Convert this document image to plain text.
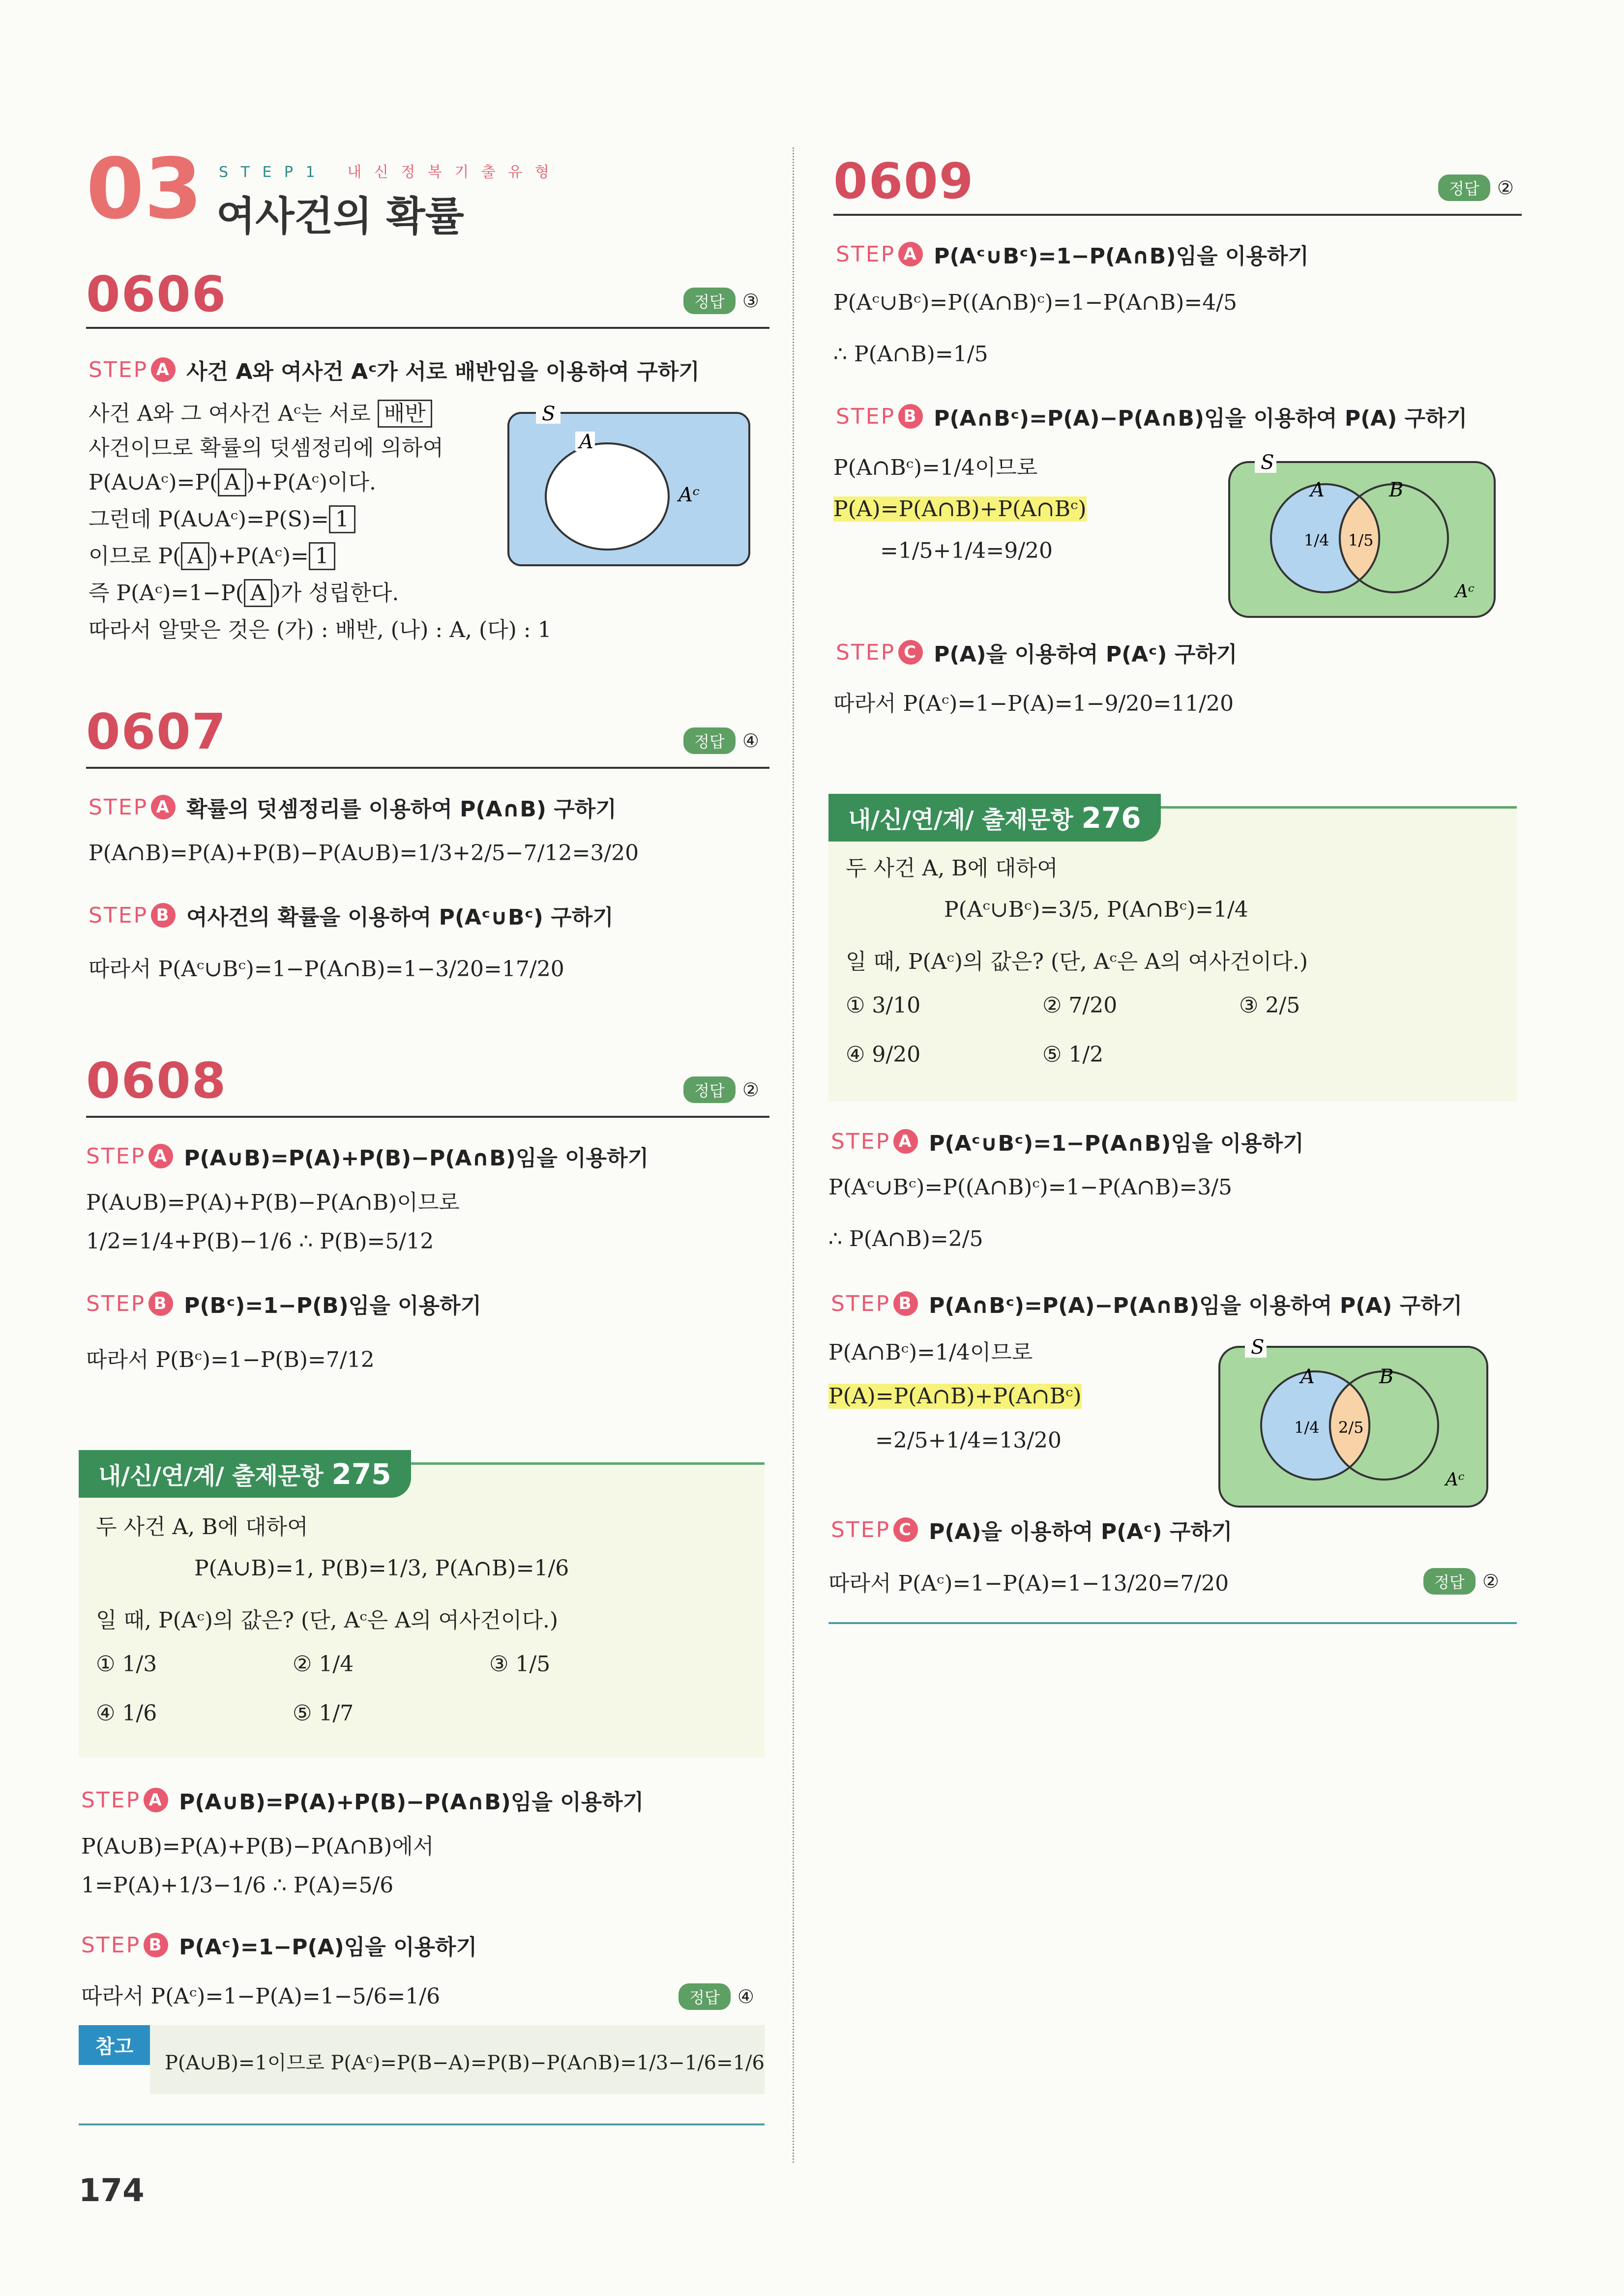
03 S T E P 1 내 신 정 복 기 출 유 형
여사건의 확률
0606	정답 ③
STEP A 사건 A와 여사건 Aᶜ가 서로 배반임을 이용하여 구하기
사건 A와 그 여사건 Aᶜ는 서로 배반
사건이므로 확률의 덧셈정리에 의하여
P(A∪Aᶜ)=P( A )+P(Aᶜ)이다.
그런데 P(A∪Aᶜ)=P(S)= 1
이므로 P( A )+P(Aᶜ)= 1
즉 P(Aᶜ)=1−P( A )가 성립한다.
따라서 알맞은 것은 (가) : 배반, (나) : A, (다) : 1
S
A
Aᶜ
0607	정답 ④
STEP A 확률의 덧셈정리를 이용하여 P(A∩B) 구하기
P(A∩B)=P(A)+P(B)−P(A∪B)=1/3+2/5−7/12=3/20
STEP B 여사건의 확률을 이용하여 P(Aᶜ∪Bᶜ) 구하기
따라서 P(Aᶜ∪Bᶜ)=1−P(A∩B)=1−3/20=17/20
0608	정답 ②
STEP A P(A∪B)=P(A)+P(B)−P(A∩B)임을 이용하기
P(A∪B)=P(A)+P(B)−P(A∩B)이므로
1/2=1/4+P(B)−1/6 ∴ P(B)=5/12
STEP B P(Bᶜ)=1−P(B)임을 이용하기
따라서 P(Bᶜ)=1−P(B)=7/12
내/신/연/계/ 출제문항 275
두 사건 A, B에 대하여
P(A∪B)=1, P(B)=1/3, P(A∩B)=1/6
일 때, P(Aᶜ)의 값은? (단, Aᶜ은 A의 여사건이다.)
① 1/3	② 1/4	③ 1/5
④ 1/6	⑤ 1/7
STEP A P(A∪B)=P(A)+P(B)−P(A∩B)임을 이용하기
P(A∪B)=P(A)+P(B)−P(A∩B)에서
1=P(A)+1/3−1/6 ∴ P(A)=5/6
STEP B P(Aᶜ)=1−P(A)임을 이용하기
따라서 P(Aᶜ)=1−P(A)=1−5/6=1/6	정답 ④
참고
P(A∪B)=1이므로 P(Aᶜ)=P(B−A)=P(B)−P(A∩B)=1/3−1/6=1/6
0609	정답 ②
STEP A P(Aᶜ∪Bᶜ)=1−P(A∩B)임을 이용하기
P(Aᶜ∪Bᶜ)=P((A∩B)ᶜ)=1−P(A∩B)=4/5
∴ P(A∩B)=1/5
STEP B P(A∩Bᶜ)=P(A)−P(A∩B)임을 이용하여 P(A) 구하기
P(A∩Bᶜ)=1/4이므로
P(A)=P(A∩B)+P(A∩Bᶜ)
=1/5+1/4=9/20
S
A	B
1/4 1/5
Aᶜ
STEP C P(A)을 이용하여 P(Aᶜ) 구하기
따라서 P(Aᶜ)=1−P(A)=1−9/20=11/20
내/신/연/계/ 출제문항 276
두 사건 A, B에 대하여
P(Aᶜ∪Bᶜ)=3/5, P(A∩Bᶜ)=1/4
일 때, P(Aᶜ)의 값은? (단, Aᶜ은 A의 여사건이다.)
① 3/10	② 7/20	③ 2/5
④ 9/20	⑤ 1/2
STEP A P(Aᶜ∪Bᶜ)=1−P(A∩B)임을 이용하기
P(Aᶜ∪Bᶜ)=P((A∩B)ᶜ)=1−P(A∩B)=3/5
∴ P(A∩B)=2/5
STEP B P(A∩Bᶜ)=P(A)−P(A∩B)임을 이용하여 P(A) 구하기
P(A∩Bᶜ)=1/4이므로
P(A)=P(A∩B)+P(A∩Bᶜ)
=2/5+1/4=13/20
S
A	B
1/4 2/5
Aᶜ
STEP C P(A)을 이용하여 P(Aᶜ) 구하기
따라서 P(Aᶜ)=1−P(A)=1−13/20=7/20	정답 ②
174
